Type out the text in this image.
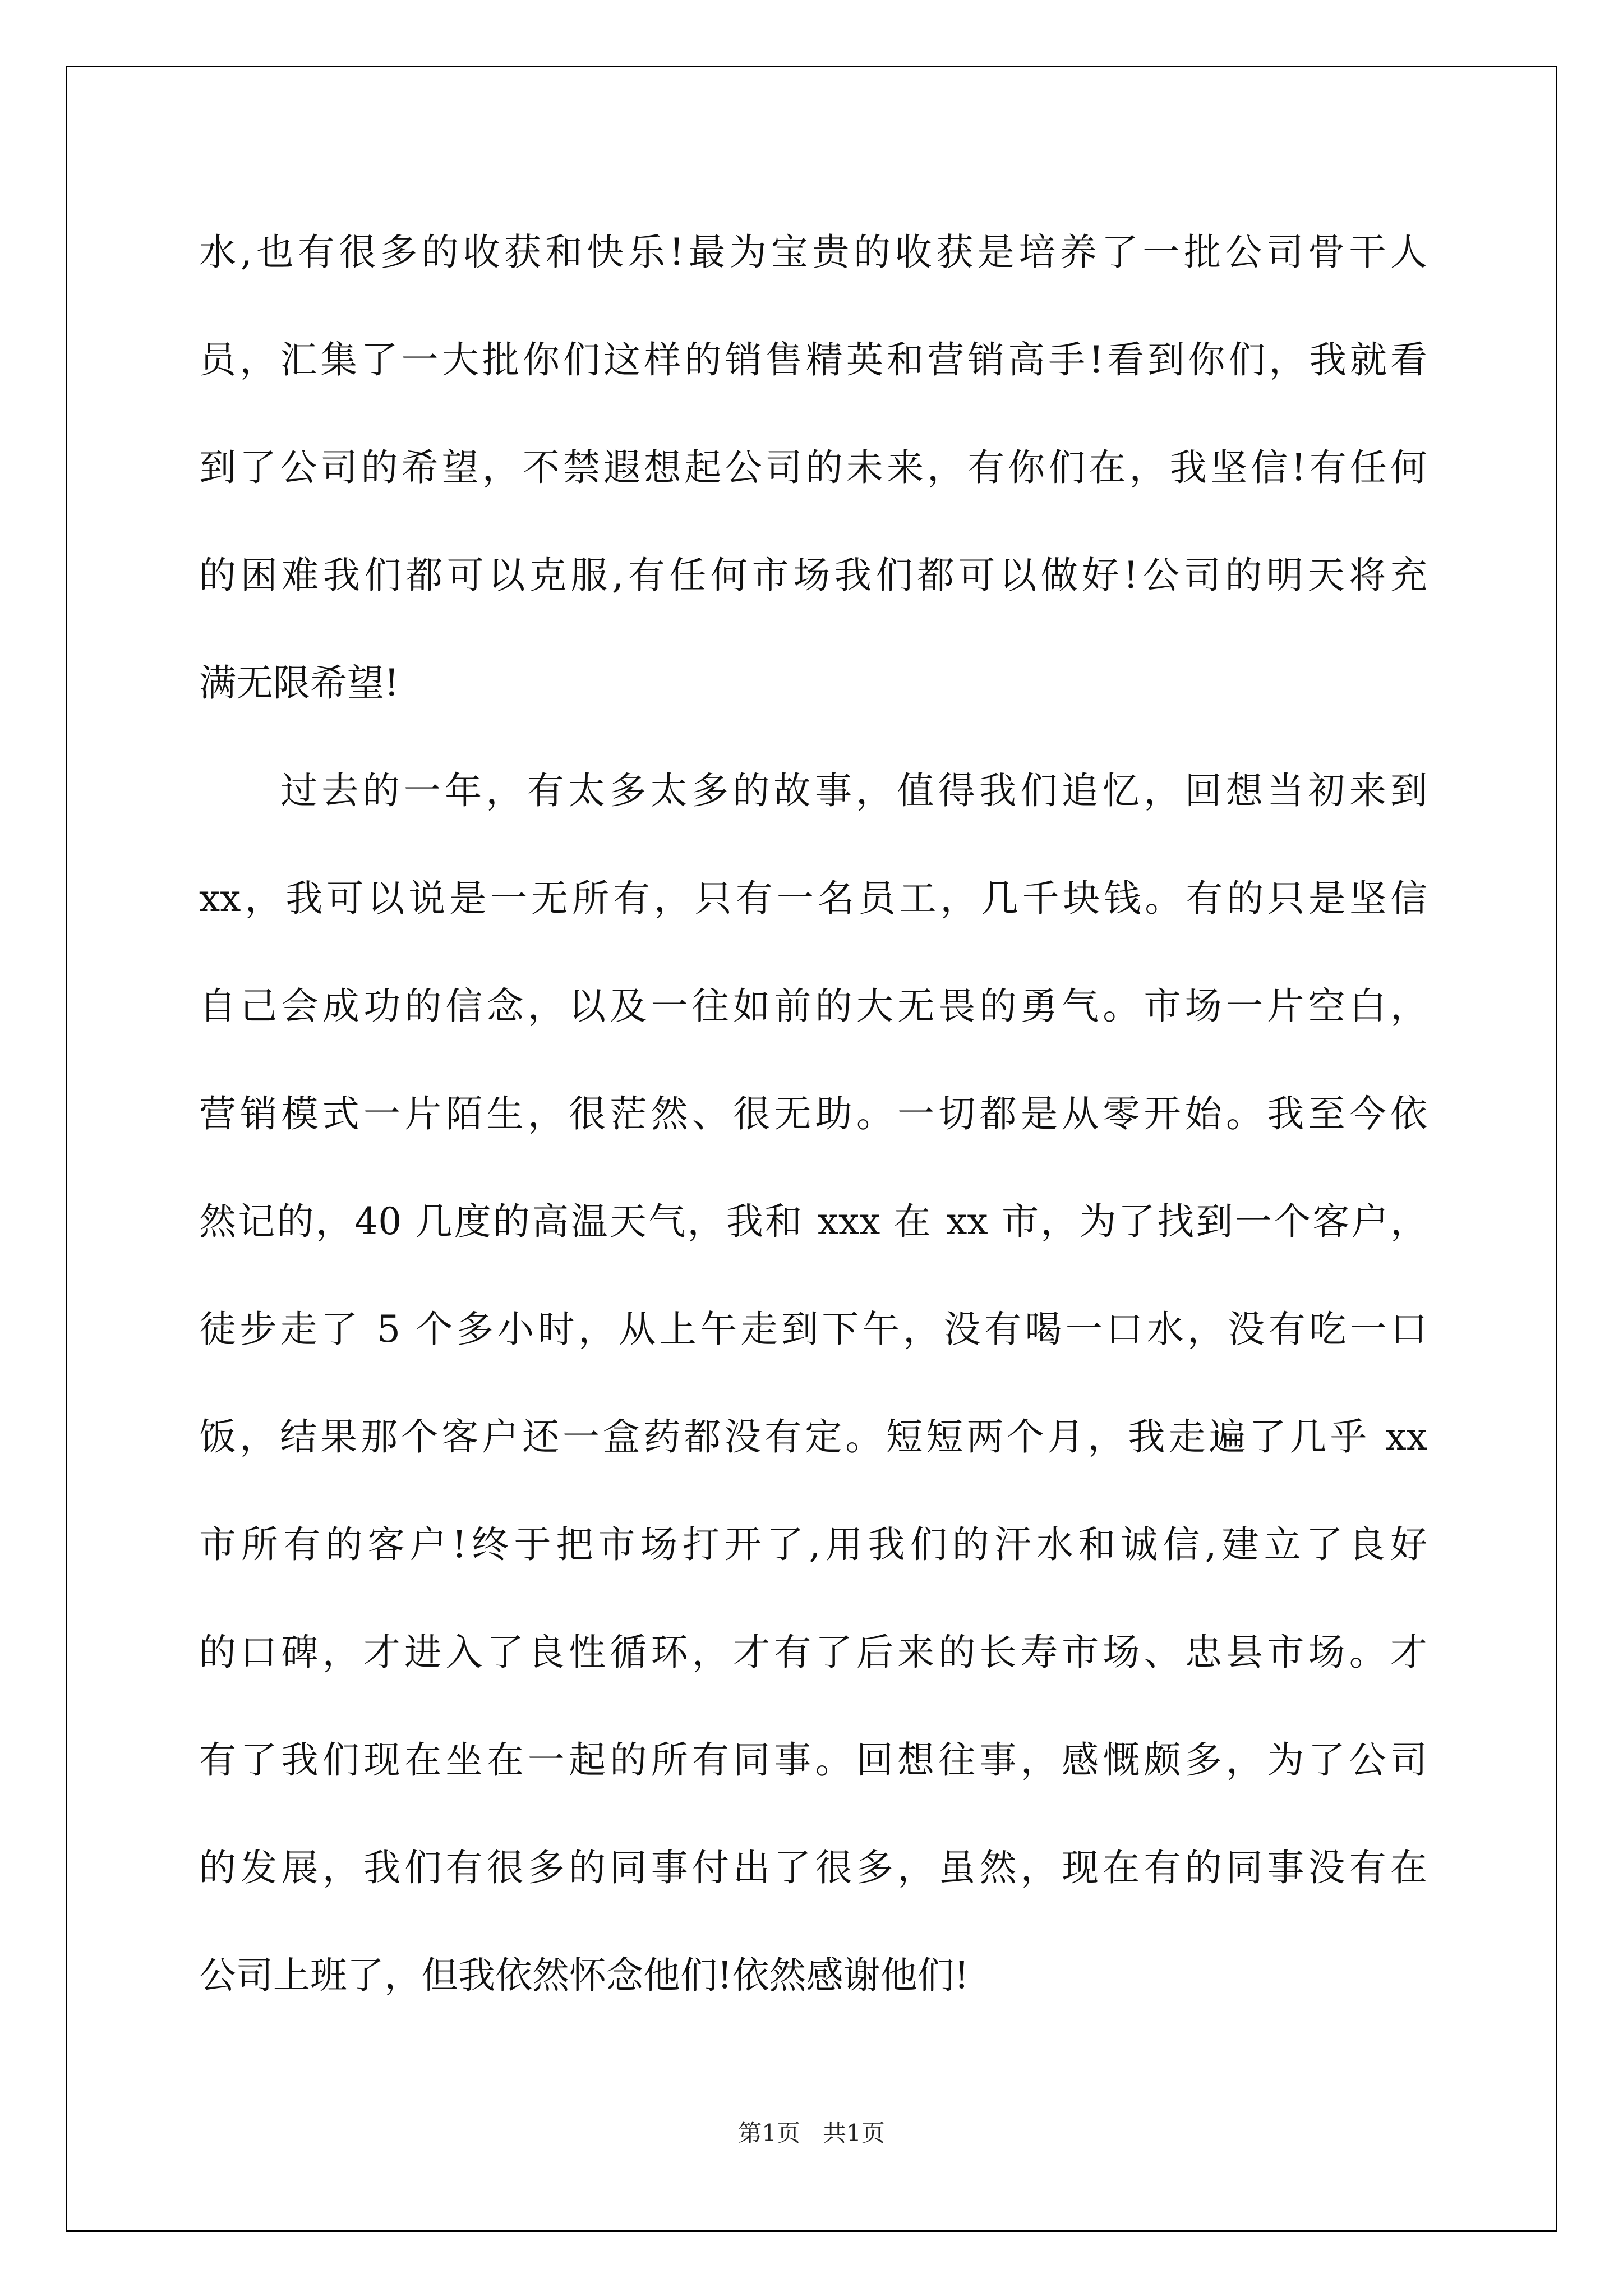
水,也有很多的收获和快乐!最为宝贵的收获是培养了一批公司骨干人
员，汇集了一大批你们这样的销售精英和营销高手!看到你们，我就看
到了公司的希望，不禁遐想起公司的未来，有你们在，我坚信!有任何
的困难我们都可以克服,有任何市场我们都可以做好!公司的明天将充
满无限希望!
过去的一年，有太多太多的故事，值得我们追忆，回想当初来到
xx，我可以说是一无所有，只有一名员工，几千块钱。有的只是坚信
自己会成功的信念，以及一往如前的大无畏的勇气。市场一片空白，
营销模式一片陌生，很茫然、很无助。一切都是从零开始。我至今依
然记的，40 几度的高温天气，我和 xxx 在 xx 市，为了找到一个客户，
徒步走了 5 个多小时，从上午走到下午，没有喝一口水，没有吃一口
饭，结果那个客户还一盒药都没有定。短短两个月，我走遍了几乎 xx
市所有的客户!终于把市场打开了,用我们的汗水和诚信,建立了良好
的口碑，才进入了良性循环，才有了后来的长寿市场、忠县市场。才
有了我们现在坐在一起的所有同事。回想往事，感慨颇多，为了公司
的发展，我们有很多的同事付出了很多，虽然，现在有的同事没有在
公司上班了，但我依然怀念他们!依然感谢他们!
第1页   共1页
